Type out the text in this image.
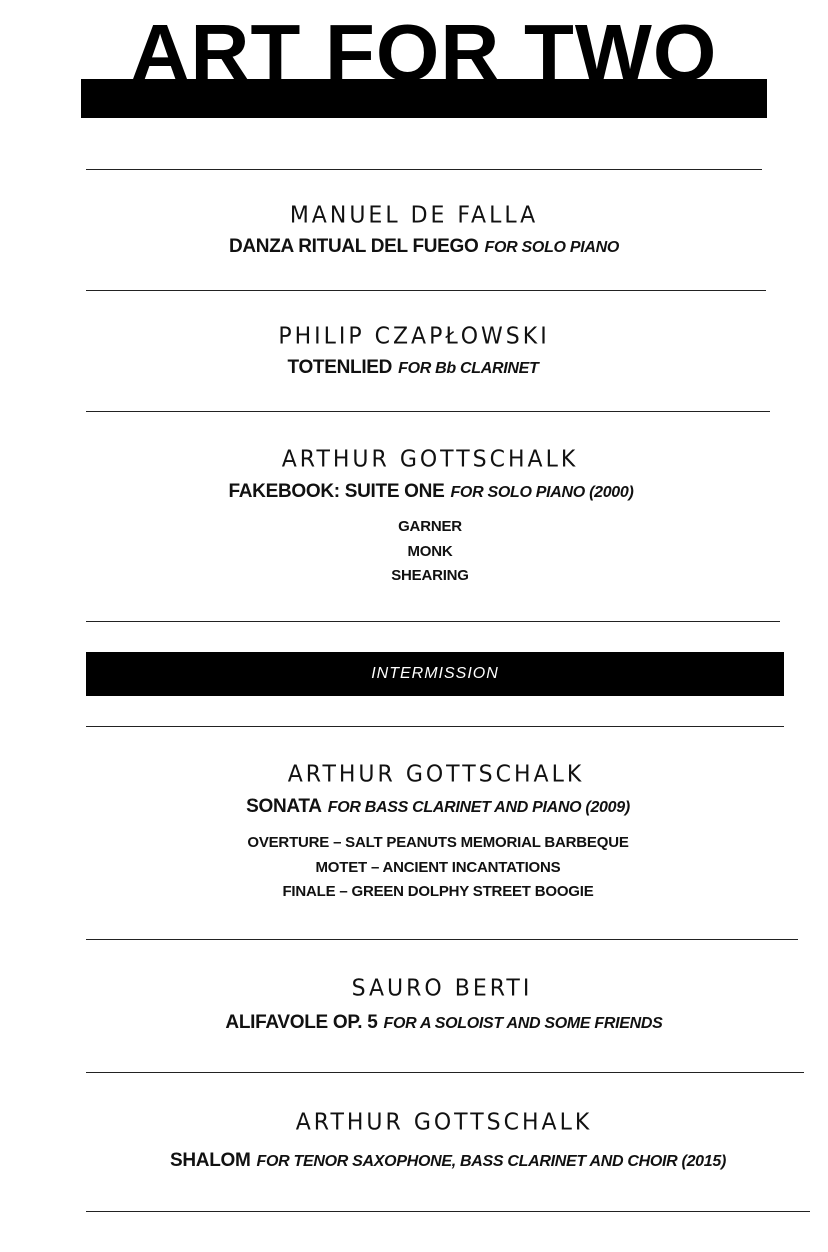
ART FOR TWO
MANUEL DE FALLA
DANZA RITUAL DEL FUEGO FOR SOLO PIANO
PHILIP CZAPŁOWSKI
TOTENLIED FOR Bb CLARINET
ARTHUR GOTTSCHALK
FAKEBOOK: SUITE ONE FOR SOLO PIANO (2000)
GARNER
MONK
SHEARING
INTERMISSION
ARTHUR GOTTSCHALK
SONATA FOR BASS CLARINET AND PIANO (2009)
OVERTURE – SALT PEANUTS MEMORIAL BARBEQUE
MOTET – ANCIENT INCANTATIONS
FINALE – GREEN DOLPHY STREET BOOGIE
SAURO BERTI
ALIFAVOLE OP. 5 FOR A SOLOIST AND SOME FRIENDS
ARTHUR GOTTSCHALK
SHALOM FOR TENOR SAXOPHONE, BASS CLARINET AND CHOIR (2015)
